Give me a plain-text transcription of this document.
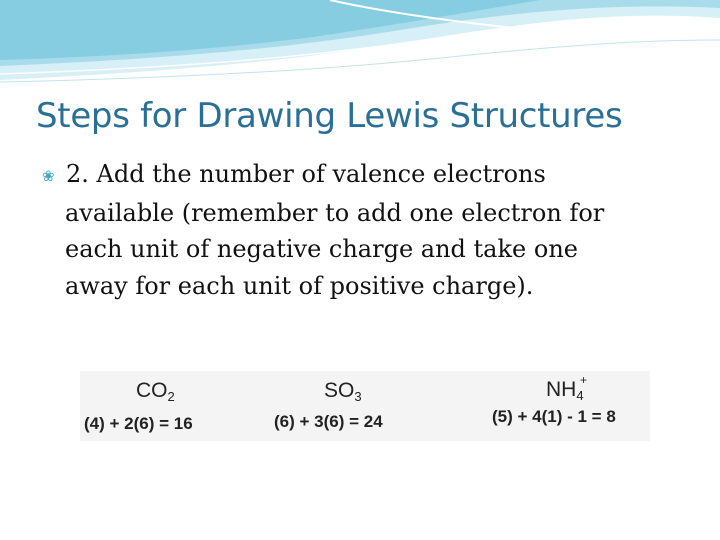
Steps for Drawing Lewis Structures
❀ 2. Add the number of valence electrons
available (remember to add one electron for
each unit of negative charge and take one
away for each unit of positive charge).
$CO_2$
(4) + 2(6) = 16
$SO_3$
(6) + 3(6) = 24
$NH_4$
+
(5) + 4(1) - 1 = 8
